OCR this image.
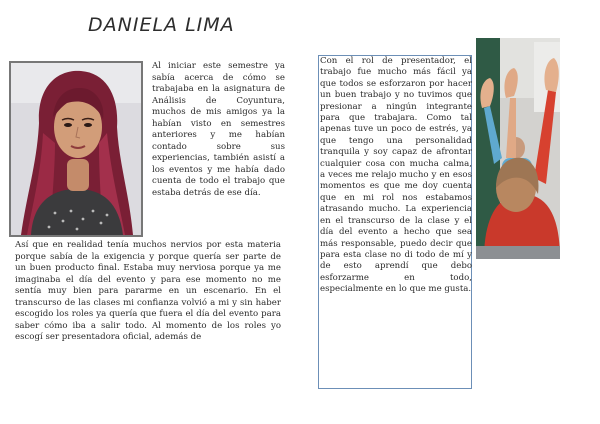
DANIELA LIMA

Al iniciar este semestre ya sabía acerca de cómo se trabajaba en la asignatura de Análisis de Coyuntura, muchos de mis amigos ya la habían visto en semestres anteriores y me habían contado sobre sus experiencias, también asistí a los eventos y me había dado cuenta de todo el trabajo que estaba detrás de ese día.

Así que en realidad tenía muchos nervios por esta materia porque sabía de la exigencia y porque quería ser parte de un buen producto final. Estaba muy nerviosa porque ya me imaginaba el día del evento y para ese momento no me sentía muy bien para pararme en un escenario. En el transcurso de las clases mi confianza volvió a mi y sin haber escogido los roles ya quería que fuera el día del evento para saber cómo iba a salir todo. Al momento de los roles yo escogí ser presentadora oficial, además de

Con el rol de presentador, el trabajo fue mucho más fácil ya que todos se esforzaron por hacer un buen trabajo y no tuvimos que presionar a ningún integrante para que trabajara. Como tal apenas tuve un poco de estrés, ya que tengo una personalidad tranquila y soy capaz de afrontar cualquier cosa con mucha calma, a veces me relajo mucho y en esos momentos es que me doy cuenta que en mi rol nos estabamos atrasando mucho. La experiencia en el transcurso de la clase y el día del evento a hecho que sea más responsable, puedo decir que para esta clase no di todo de mí y de esto aprendí que debo esforzarme en todo, especialmente en lo que me gusta.
